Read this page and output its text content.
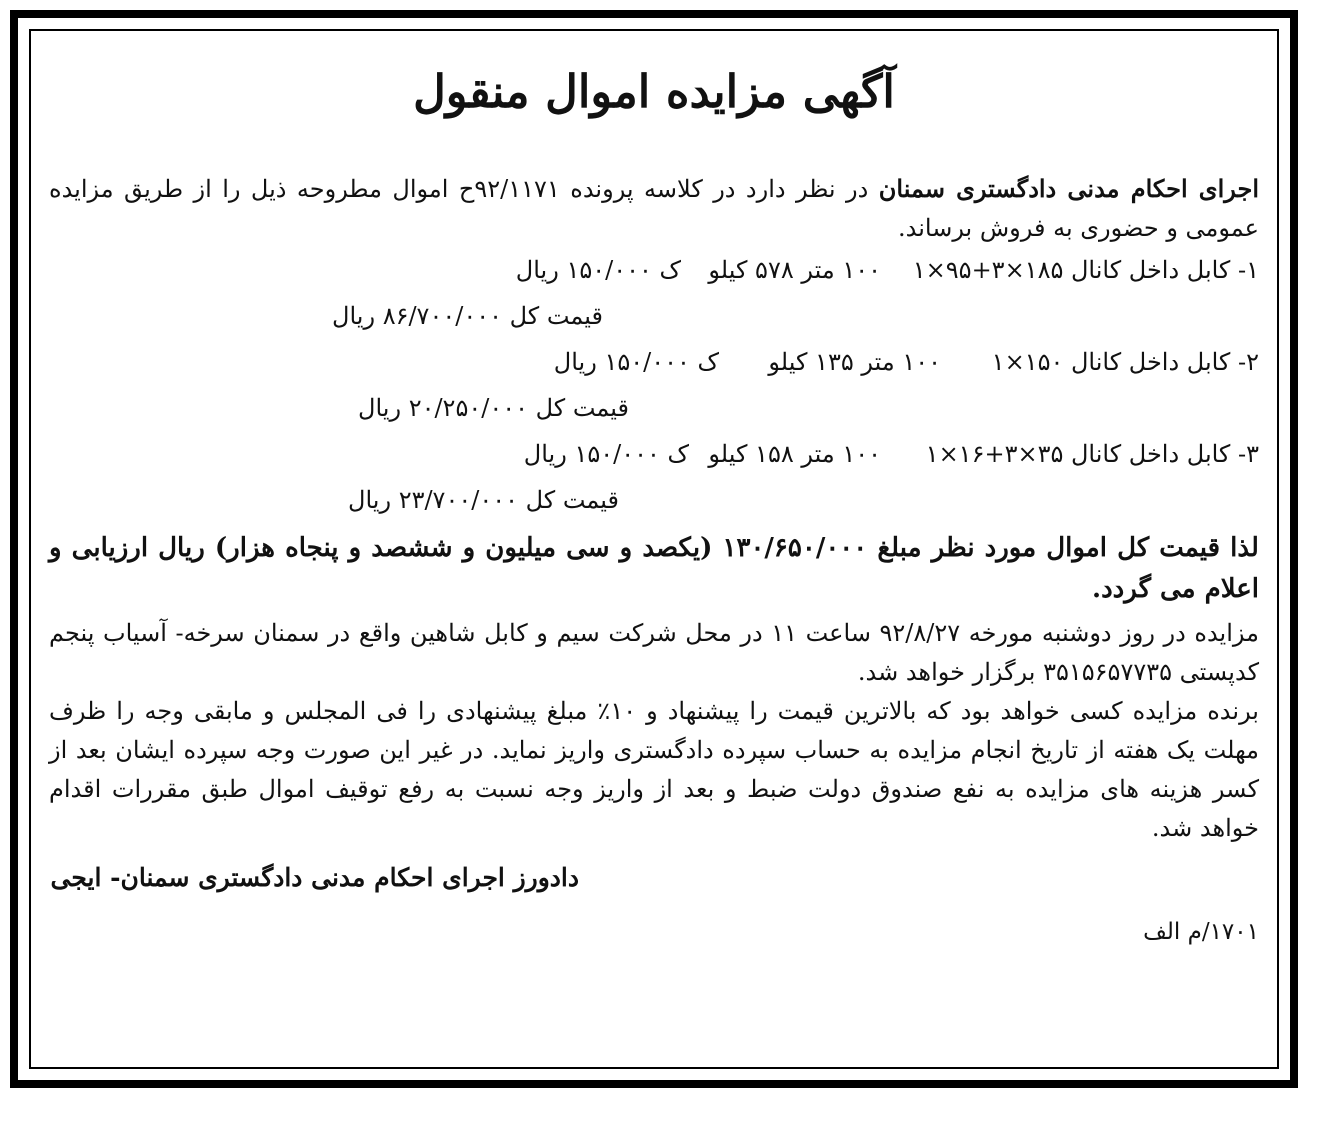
آگهی مزایده اموال منقول

اجرای احکام مدنی دادگستری سمنان در نظر دارد در کلاسه پرونده ۹۲/۱۱۷۱ح اموال مطروحه ذیل را از طریق مزایده عمومی و حضوری به فروش برساند.

۱- کابل داخل کانال ۱۸۵×۳+۹۵×۱
۱۰۰ متر ۵۷۸ کیلو
ک ۱۵۰/۰۰۰ ریال
قیمت کل ۸۶/۷۰۰/۰۰۰ ریال
۲- کابل داخل کانال ۱۵۰×۱
۱۰۰ متر ۱۳۵ کیلو
ک ۱۵۰/۰۰۰ ریال
قیمت کل ۲۰/۲۵۰/۰۰۰ ریال
۳- کابل داخل کانال ۳۵×۳+۱۶×۱
۱۰۰ متر ۱۵۸ کیلو
ک ۱۵۰/۰۰۰ ریال
قیمت کل ۲۳/۷۰۰/۰۰۰ ریال

لذا قیمت کل اموال مورد نظر مبلغ ۱۳۰/۶۵۰/۰۰۰ (یکصد و سی میلیون و ششصد و پنجاه هزار) ریال ارزیابی و اعلام می گردد.

مزایده در روز دوشنبه مورخه ۹۲/۸/۲۷ ساعت ۱۱ در محل شرکت سیم و کابل شاهین واقع در سمنان سرخه- آسیاب پنجم کدپستی ۳۵۱۵۶۵۷۷۳۵ برگزار خواهد شد.

برنده مزایده کسی خواهد بود که بالاترین قیمت را پیشنهاد و ۱۰٪ مبلغ پیشنهادی را فی المجلس و مابقی وجه را ظرف مهلت یک هفته از تاریخ انجام مزایده به حساب سپرده دادگستری واریز نماید. در غیر این صورت وجه سپرده ایشان بعد از کسر هزینه های مزایده به نفع صندوق دولت ضبط و بعد از واریز وجه نسبت به رفع توقیف اموال طبق مقررات اقدام خواهد شد.

دادورز اجرای احکام مدنی دادگستری سمنان- ایجی

۱۷۰۱/م الف
